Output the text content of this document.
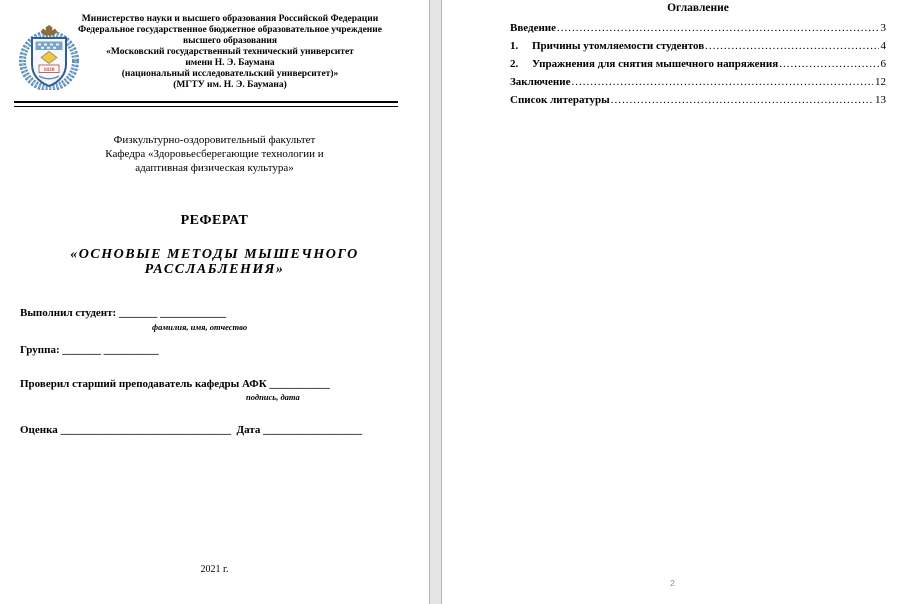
1830
Министерство науки и высшего образования Российской Федерации
Федеральное государственное бюджетное образовательное учреждение
высшего образования
«Московский государственный технический университет
имени Н. Э. Баумана
(национальный исследовательский университет)»
(МГТУ им. Н. Э. Баумана)
Физкультурно-оздоровительный факультет
Кафедра «Здоровьесберегающие технологии и
адаптивная физическая культура»
РЕФЕРАТ
«ОСНОВЫЕ МЕТОДЫ МЫШЕЧНОГО
РАССЛАБЛЕНИЯ»
Выполнил студент: _______ ____________
фамилия, имя, отчество
Группа: _______ __________
Проверил старший преподаватель кафедры АФК ___________
подпись, дата
Оценка _______________________________  Дата __________________
2021 г.
Оглавление
Введение .....	3
1.	Причины утомляемости студентов .....	4
2.	Упражнения для снятия мышечного напряжения .....	6
Заключение .....	12
Список литературы .....	13
2
